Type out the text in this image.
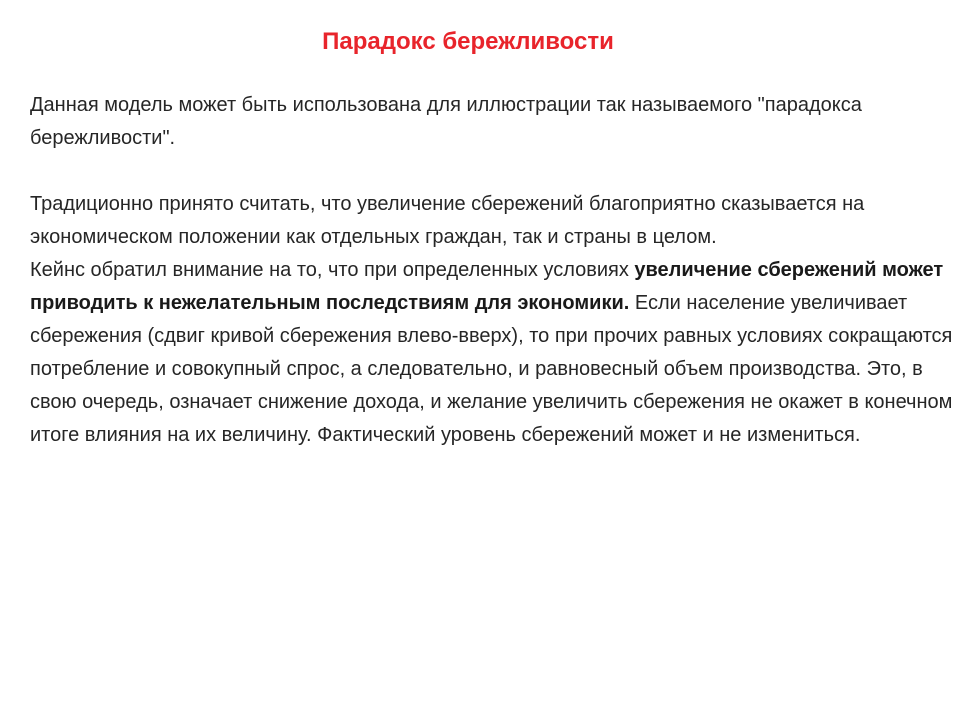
Парадокс бережливости

Данная модель может быть использована для иллюстрации так называемого "парадокса бережливости".

Традиционно принято считать, что увеличение сбережений благоприятно сказывается на экономическом положении как отдельных граждан, так и страны в целом.

Кейнс обратил внимание на то, что при определенных условиях увеличение сбережений может приводить к нежелательным последствиям для экономики. Если население увеличивает сбережения (сдвиг кривой сбережения влево-вверх), то при прочих равных условиях сокращаются потребление и совокупный спрос, а следовательно, и равновесный объем производства. Это, в свою очередь, означает снижение дохода, и желание увеличить сбережения не окажет в конечном итоге влияния на их величину. Фактический уровень сбережений может и не измениться.
